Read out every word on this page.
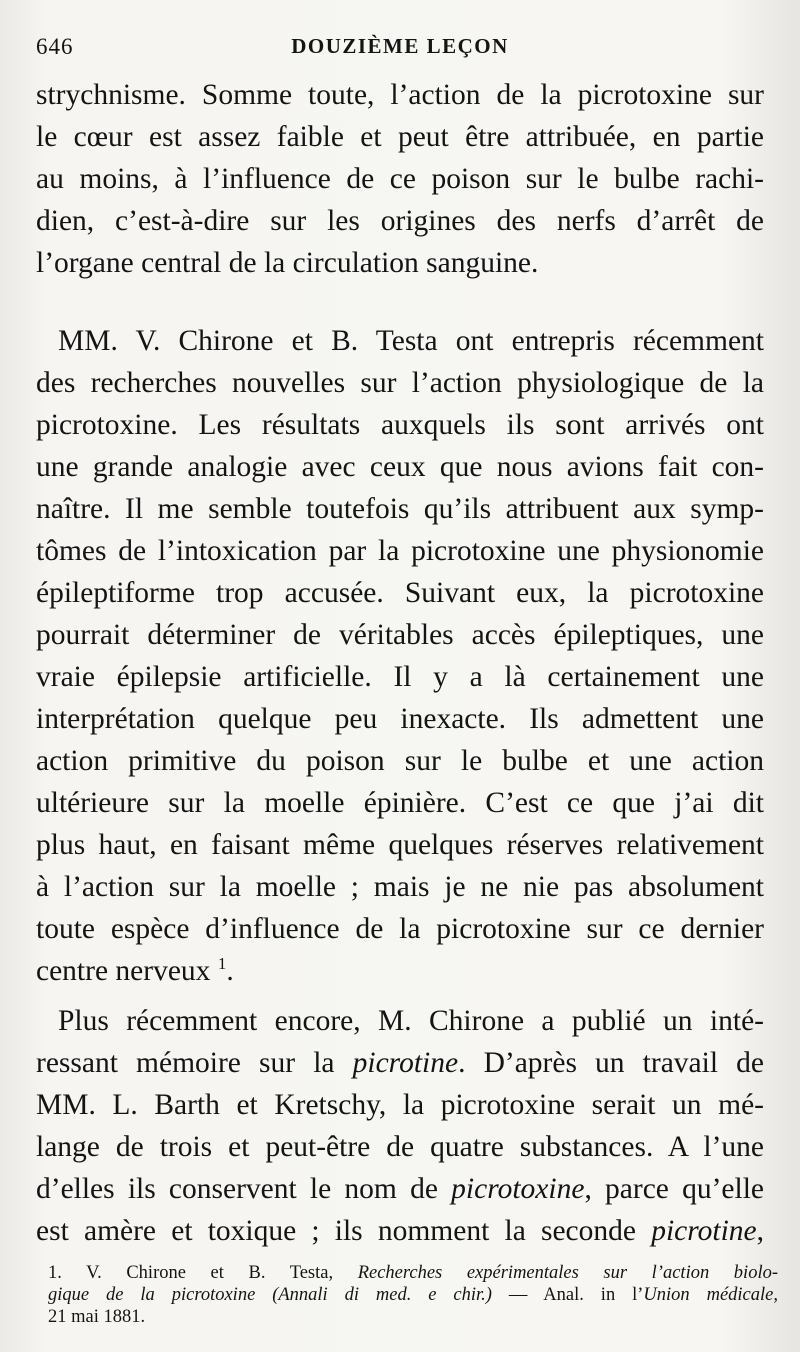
646	DOUZIÈME LEÇON
strychnisme. Somme toute, l’action de la picrotoxine sur
le cœur est assez faible et peut être attribuée, en partie
au moins, à l’influence de ce poison sur le bulbe rachi-
dien, c’est-à-dire sur les origines des nerfs d’arrêt de
l’organe central de la circulation sanguine.
MM. V. Chirone et B. Testa ont entrepris récemment
des recherches nouvelles sur l’action physiologique de la
picrotoxine. Les résultats auxquels ils sont arrivés ont
une grande analogie avec ceux que nous avions fait con-
naître. Il me semble toutefois qu’ils attribuent aux symp-
tômes de l’intoxication par la picrotoxine une physionomie
épileptiforme trop accusée. Suivant eux, la picrotoxine
pourrait déterminer de véritables accès épileptiques, une
vraie épilepsie artificielle. Il y a là certainement une
interprétation quelque peu inexacte. Ils admettent une
action primitive du poison sur le bulbe et une action
ultérieure sur la moelle épinière. C’est ce que j’ai dit
plus haut, en faisant même quelques réserves relativement
à l’action sur la moelle ; mais je ne nie pas absolument
toute espèce d’influence de la picrotoxine sur ce dernier
centre nerveux $^1$.
Plus récemment encore, M. Chirone a publié un inté-
ressant mémoire sur la picrotine. D’après un travail de
MM. L. Barth et Kretschy, la picrotoxine serait un mé-
lange de trois et peut-être de quatre substances. A l’une
d’elles ils conservent le nom de picrotoxine, parce qu’elle
est amère et toxique ; ils nomment la seconde picrotine,
1. V. Chirone et B. Testa, Recherches expérimentales sur l’action biolo-
gique de la picrotoxine (Annali di med. e chir.) — Anal. in l’Union médicale,
21 mai 1881.
